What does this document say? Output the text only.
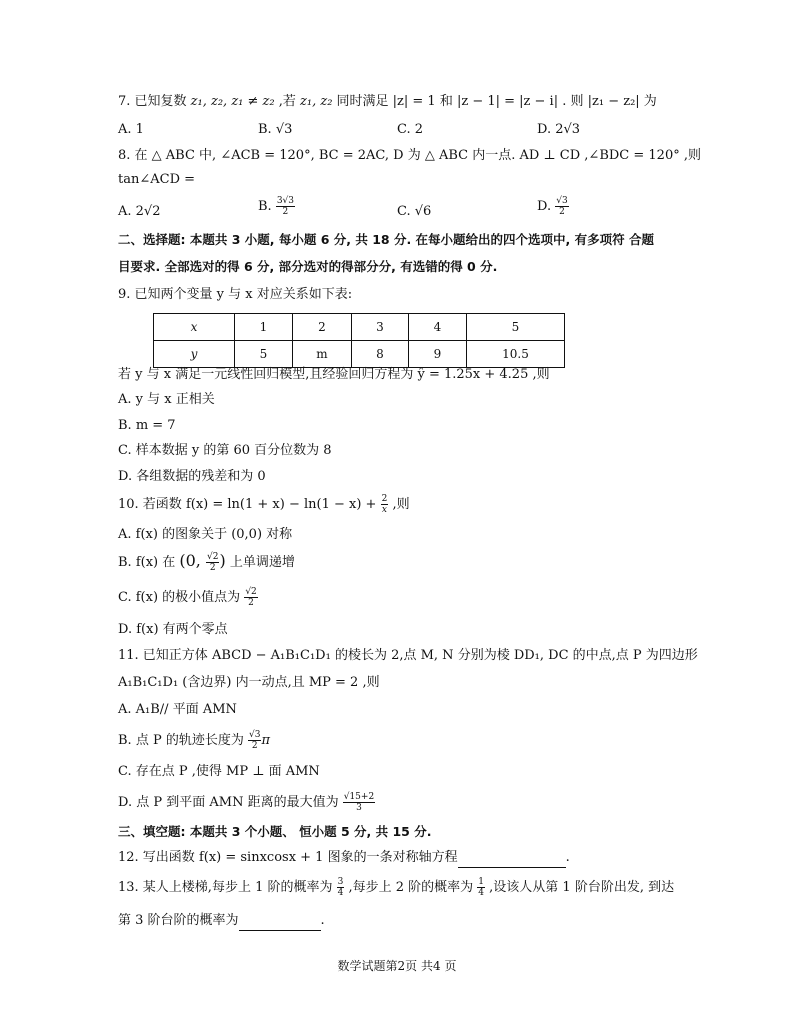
7. 已知复数 z₁, z₂, z₁ ≠ z₂ ,若 z₁, z₂ 同时满足 |z| = 1 和 |z − 1| = |z − i| . 则 |z₁ − z₂| 为
A. 1	B. √3	C. 2	D. 2√3
8. 在 △ ABC 中, ∠ACB = 120°, BC = 2AC, D 为 △ ABC 内一点. AD ⊥ CD ,∠BDC = 120° ,则
tan∠ACD =
A. 2√2	B. $\frac{3√3}{2}$	C. √6	D. $\frac{√3}{2}$
二、选择题: 本题共 3 小题, 每小题 6 分, 共 18 分. 在每小题给出的四个选项中, 有多项符 合题
目要求. 全部选对的得 6 分, 部分选对的得部分分, 有选错的得 0 分.
9. 已知两个变量 y 与 x 对应关系如下表:
x	1	2	3	4	5
y	5	m	8	9	10.5
若 y 与 x 满足一元线性回归模型,且经验回归方程为 ŷ = 1.25x + 4.25 ,则
A. y 与 x 正相关
B. m = 7
C. 样本数据 y 的第 60 百分位数为 8
D. 各组数据的残差和为 0
10. 若函数 $f(x) = \ln(1 + x) - \ln(1 - x) + \frac{2}{x}$ ,则
A. f(x) 的图象关于 (0,0) 对称
B. f(x) 在 (0, $\frac{√2}{2}$ ) 上单调递增
C. f(x) 的极小值点为 $\frac{√2}{2}$
D. f(x) 有两个零点
11. 已知正方体 ABCD − A₁B₁C₁D₁ 的棱长为 2,点 M, N 分别为棱 DD₁, DC 的中点,点 P 为四边形
A₁B₁C₁D₁ (含边界) 内一动点,且 MP = 2 ,则
A. A₁B// 平面 AMN
B. 点 P 的轨迹长度为 $\frac{√3}{2}$ π
C. 存在点 P ,使得 MP ⊥ 面 AMN
D. 点 P 到平面 AMN 距离的最大值为 $\frac{√15+2}{3}$
三、填空题: 本题共 3 个小题、 恒小题 5 分, 共 15 分.
12. 写出函数 f(x) = sinxcosx + 1 图象的一条对称轴方程	.
13. 某人上楼梯,每步上 1 阶的概率为 $\frac{3}{4}$ ,每步上 2 阶的概率为 $\frac{1}{4}$ ,设该人从第 1 阶台阶出发, 到达
第 3 阶台阶的概率为	.
数学试题第2页 共4 页
